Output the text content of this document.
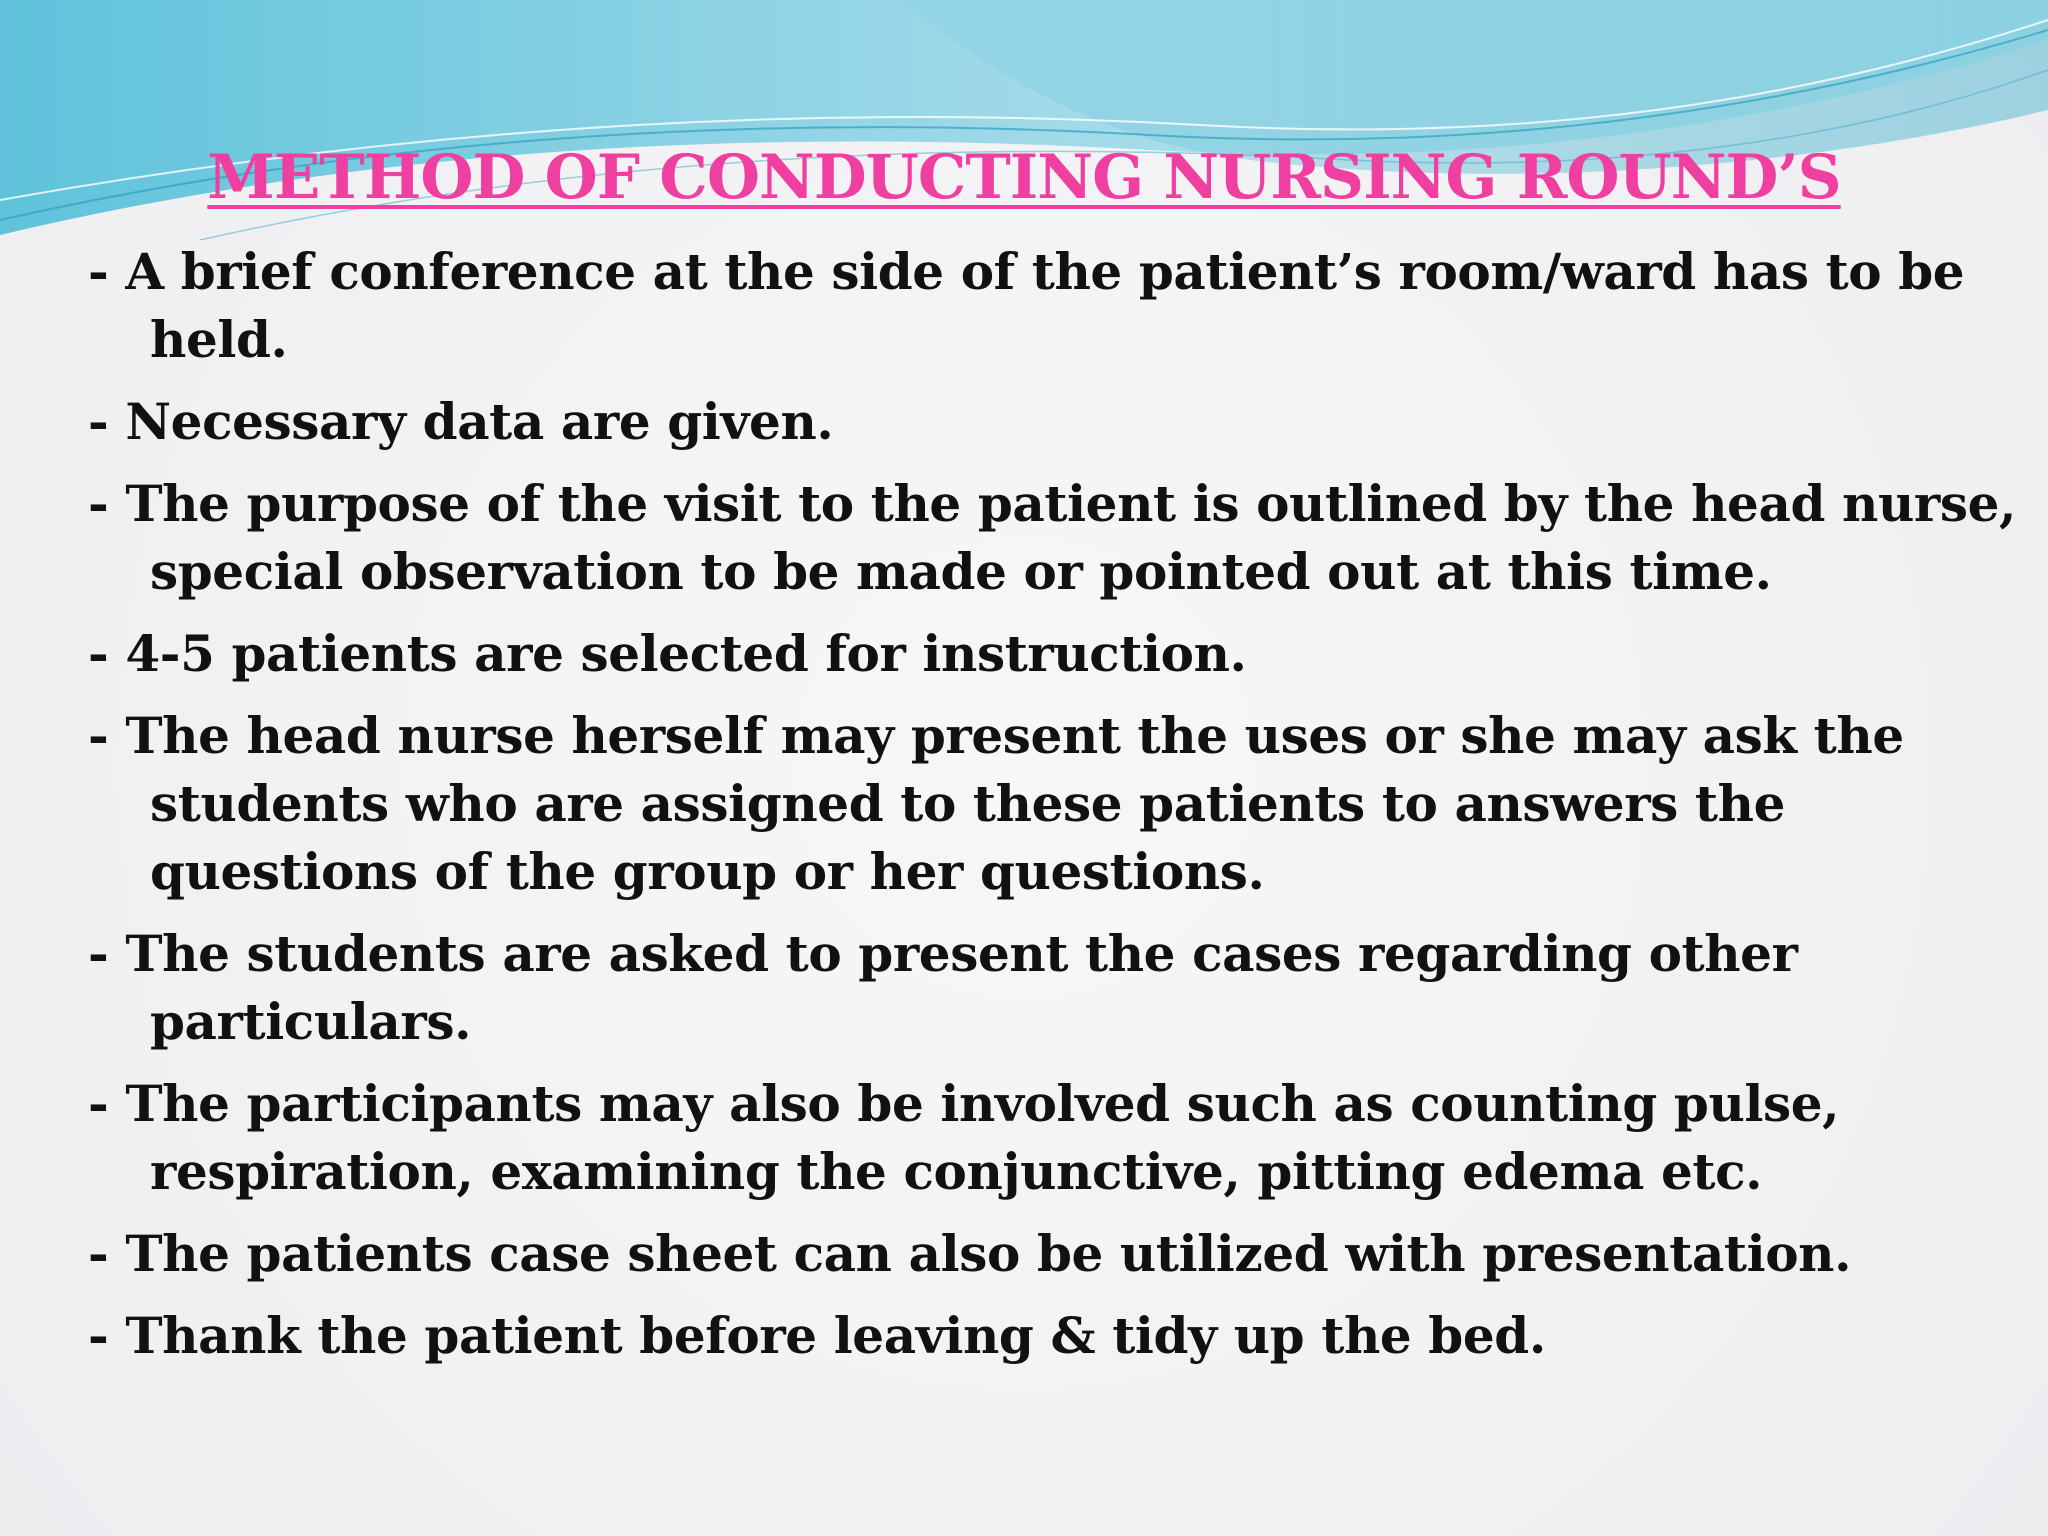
METHOD OF CONDUCTING NURSING ROUND’S
- A brief conference at the side of the patient’s room/ward has to be held.
- Necessary data are given.
- The purpose of the visit to the patient is outlined by the head nurse, special observation to be made or pointed out at this time.
- 4-5 patients are selected for instruction.
- The head nurse herself may present the uses or she may ask the students who are assigned to these patients to answers the questions of the group or her questions.
- The students are asked to present the cases regarding other particulars.
- The participants may also be involved such as counting pulse, respiration, examining the conjunctive, pitting edema etc.
- The patients case sheet can also be utilized with presentation.
- Thank the patient before leaving & tidy up the bed.
